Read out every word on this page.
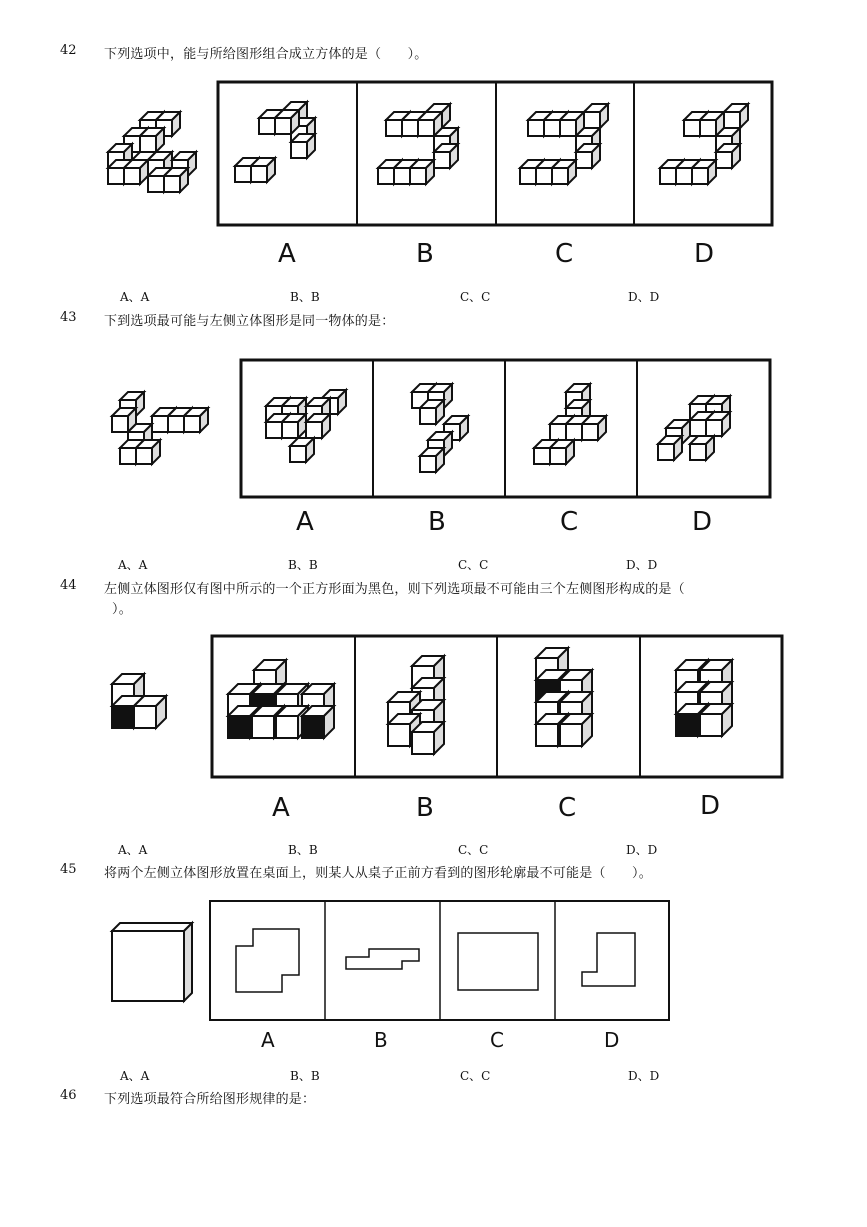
42 下列选项中，能与所给图形组合成立方体的是（　　）。
A	B	C	D
A、A	B、B	C、C	D、D
43 下到选项最可能与左侧立体图形是同一物体的是：
A	B	C	D
A、A	B、B	C、C	D、D
44 左侧立体图形仅有图中所示的一个正方形面为黑色，则下列选项最不可能由三个左侧图形构成的是（
）。
A	B	C	D
A、A	B、B	C、C	D、D
45 将两个左侧立体图形放置在桌面上，则某人从桌子正前方看到的图形轮廓最不可能是（　　）。
A	B	C	D
A、A	B、B	C、C	D、D
46 下列选项最符合所给图形规律的是：
